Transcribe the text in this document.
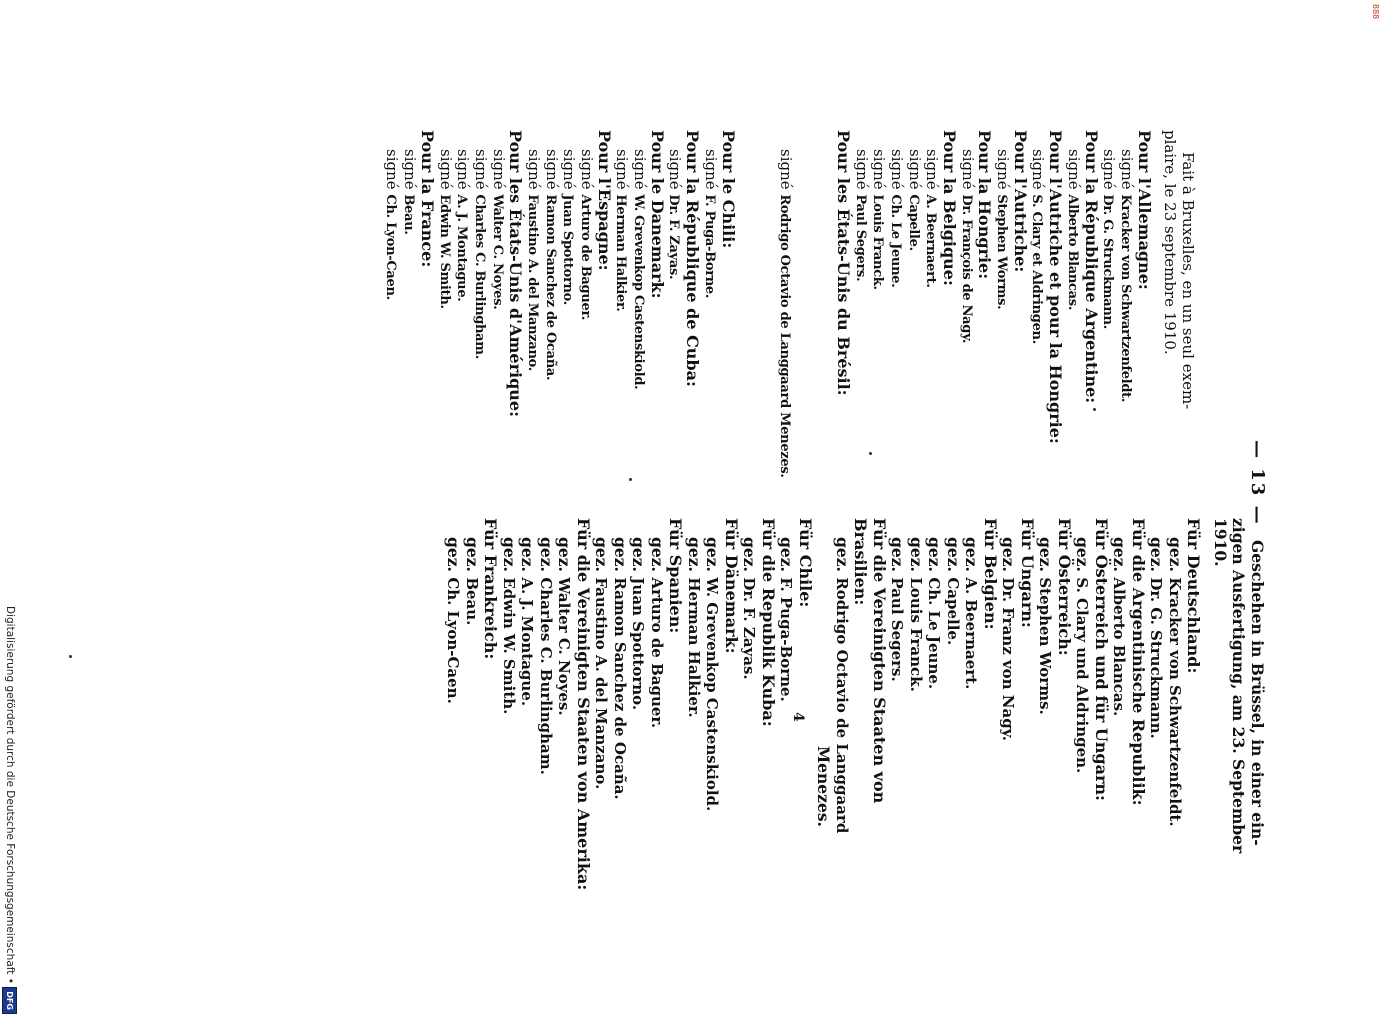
— 13 —
Fait à Bruxelles, en un seul exem-
plaire, le 23 septembre 1910.
Pour l'Allemagne:
signé Kracker von Schwartzenfeldt.
signé Dr. G. Struckmann.
Pour la République Argentine:
signé Alberto Blancas.
Pour l'Autriche et pour la Hongrie:
signé S. Clary et Aldringen.
Pour l'Autriche:
signé Stephen Worms.
Pour la Hongrie:
signé Dr. François de Nagy.
Pour la Belgique:
signé A. Beernaert.
signé Capelle.
signé Ch. Le Jeune.
signé Louis Franck.
signé Paul Segers.
Pour les États-Unis du Brésil:
signé Rodrigo Octavio de Langgaard Menezes.
Pour le Chili:
signé F. Puga-Borne.
Pour la République de Cuba:
signé Dr. F. Zayas.
Pour le Danemark:
signé W. Grevenkop Castenskiold.
signé Herman Halkier.
Pour l'Espagne:
signé Arturo de Baguer.
signé Juan Spottorno.
signé Ramon Sanchez de Ocaña.
signé Faustino A. del Manzano.
Pour les États-Unis d'Amérique:
signé Walter C. Noyes.
signé Charles C. Burlingham.
signé A. J. Montague.
signé Edwin W. Smith.
Pour la France:
signé Beau.
signé Ch. Lyon-Caen.
Geschehen in Brüssel, in einer ein-
zigen Ausfertigung, am 23. September
1910.
Für Deutschland:
gez. Kracker von Schwartzenfeldt.
gez. Dr. G. Struckmann.
Für die Argentinische Republik:
gez. Alberto Blancas.
Für Österreich und für Ungarn:
gez. S. Clary und Aldringen.
Für Österreich:
gez. Stephen Worms.
Für Ungarn:
gez. Dr. Franz von Nagy.
Für Belgien:
gez. A. Beernaert.
gez. Capelle.
gez. Ch. Le Jeune.
gez. Louis Franck.
gez. Paul Segers.
Für die Vereinigten Staaten von
Brasilien:
gez. Rodrigo Octavio de Langgaard
Menezes.
Für Chile:
gez. F. Puga-Borne.
Für die Republik Kuba:
gez. Dr. F. Zayas.
Für Dänemark:
gez. W. Grevenkop Castenskiold.
gez. Herman Halkier.
Für Spanien:
gez. Arturo de Baguer.
gez. Juan Spottorno.
gez. Ramon Sanchez de Ocaña.
gez. Faustino A. del Manzano.
Für die Vereinigten Staaten von Amerika:
gez. Walter C. Noyes.
gez. Charles C. Burlingham.
gez. A. J. Montague.
gez. Edwin W. Smith.
Für Frankreich:
gez. Beau.
gez. Ch. Lyon-Caen.
4
888
Digitalisierung gefördert durch die Deutsche Forschungsgemeinschaft • DFG
